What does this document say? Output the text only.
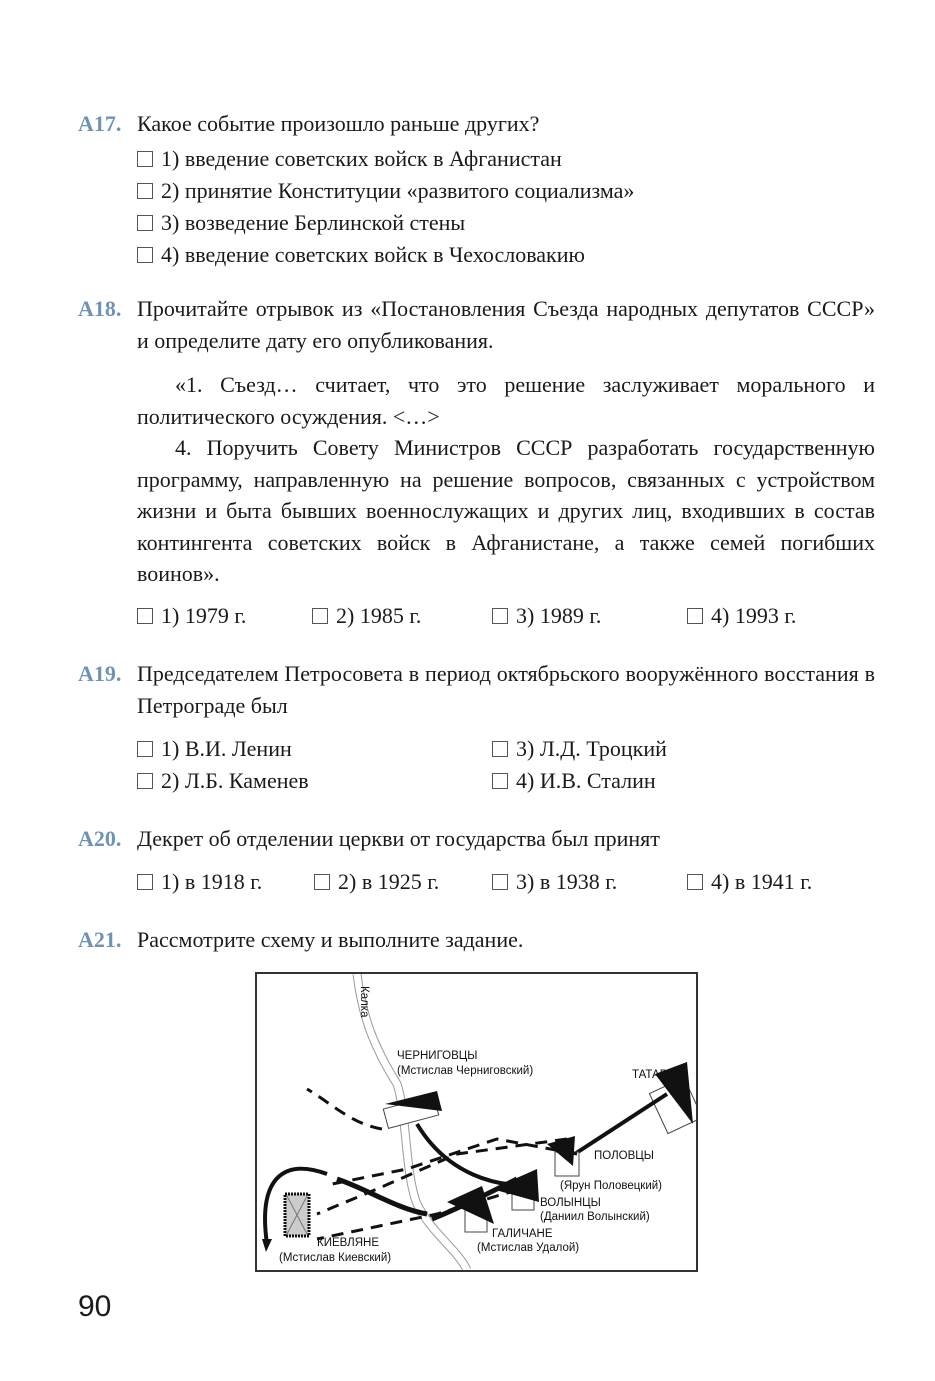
A17. Какое событие произошло раньше других?
1) введение советских войск в Афганистан
2) принятие Конституции «развитого социализма»
3) возведение Берлинской стены
4) введение советских войск в Чехословакию
A18. Прочитайте отрывок из «Постановления Съезда народных депутатов СССР» и определите дату его опубликования.
«1. Съезд… считает, что это решение заслуживает морального и политического осуждения. <…>
4. Поручить Совету Министров СССР разработать государственную программу, направленную на решение вопросов, связанных с устройством жизни и быта бывших военнослужащих и других лиц, входивших в состав контингента советских войск в Афганистане, а также семей погибших воинов».
1) 1979 г.	2) 1985 г.	3) 1989 г.	4) 1993 г.
A19. Председателем Петросовета в период октябрьского вооружённого восстания в Петрограде был
1) В.И. Ленин
2) Л.Б. Каменев
3) Л.Д. Троцкий
4) И.В. Сталин
A20. Декрет об отделении церкви от государства был принят
1) в 1918 г.	2) в 1925 г.	3) в 1938 г.	4) в 1941 г.
A21. Рассмотрите схему и выполните задание.
Калка
ЧЕРНИГОВЦЫ
(Мстислав Черниговский)	ТАТАРЫ
ПОЛОВЦЫ
(Ярун Половецкий)
ВОЛЫНЦЫ
(Даниил Волынский)
ГАЛИЧАНЕ
(Мстислав Удалой)
КИЕВЛЯНЕ
(Мстислав Киевский)
90
